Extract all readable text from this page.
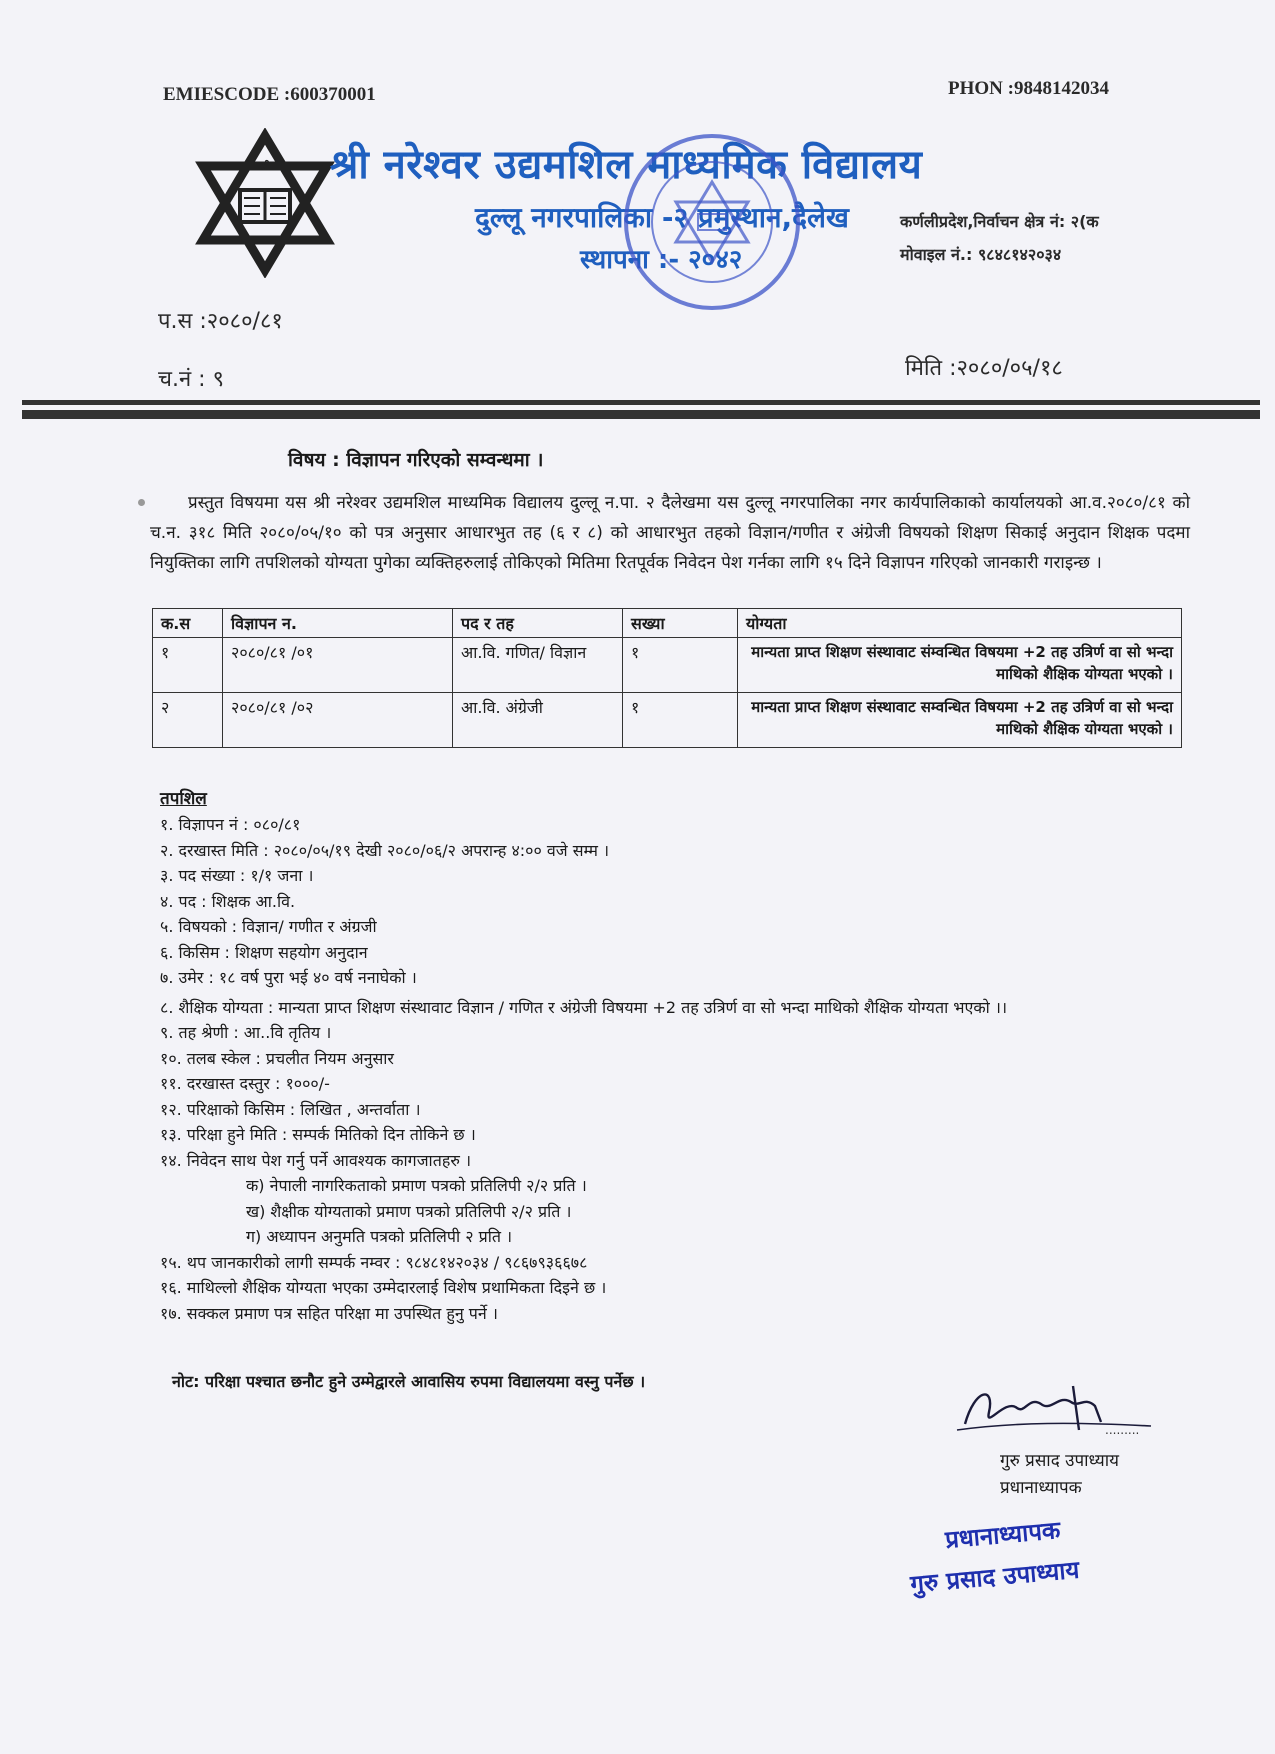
EMIESCODE :600370001	PHON :9848142034
श्री श्री नरेश्वर उद्यमशिल माध्यमिक विद्यालय
दुल्लू नगरपालिका -२ प्रमुस्थान,दैलेख
स्थापना :- २०४२
कर्णलीप्रदेश,निर्वाचन क्षेत्र नं: २(क
मोवाइल नं.: ९८४८१४२०३४
प.स :२०८०/८१
च.नं : ९	मिति :२०८०/०५/१८
विषय : विज्ञापन गरिएको सम्वन्धमा ।
प्रस्तुत विषयमा यस श्री नरेश्वर उद्यमशिल माध्यमिक विद्यालय दुल्लू न.पा. २ दैलेखमा यस दुल्लू नगरपालिका नगर कार्यपालिकाको कार्यालयको आ.व.२०८०/८१ को च.न. ३१८ मिति २०८०/०५/१० को पत्र अनुसार आधारभुत तह (६ र ८) को आधारभुत तहको विज्ञान/गणीत र अंग्रेजी विषयको शिक्षण सिकाई अनुदान शिक्षक पदमा नियुक्तिका लागि तपशिलको योग्यता पुगेका व्यक्तिहरुलाई तोकिएको मितिमा रितपूर्वक निवेदन पेश गर्नका लागि १५ दिने विज्ञापन गरिएको जानकारी गराइन्छ ।
क.स	विज्ञापन न.	पद र तह	सख्या	योग्यता
१	२०८०/८१ /०१	आ.वि. गणित/ विज्ञान	१	मान्यता प्राप्त शिक्षण संस्थावाट संम्वन्धित विषयमा +2 तह उत्रिर्ण वा सो भन्दा माथिको शैक्षिक योग्यता भएको ।
२	२०८०/८१ /०२	आ.वि. अंग्रेजी	१	मान्यता प्राप्त शिक्षण संस्थावाट सम्वन्धित विषयमा +2 तह उत्रिर्ण वा सो भन्दा माथिको शैक्षिक योग्यता भएको ।
तपशिल
१. विज्ञापन नं : ०८०/८१
२. दरखास्त मिति : २०८०/०५/१९ देखी २०८०/०६/२ अपरान्ह ४:०० वजे सम्म ।
३. पद संख्या : १/१ जना ।
४. पद : शिक्षक आ.वि.
५. विषयको : विज्ञान/ गणीत र अंग्रजी
६. किसिम : शिक्षण सहयोग अनुदान
७. उमेर : १८ वर्ष पुरा भई ४० वर्ष ननाघेको ।
८. शैक्षिक योग्यता : मान्यता प्राप्त शिक्षण संस्थावाट विज्ञान / गणित र अंग्रेजी विषयमा +2 तह उत्रिर्ण वा सो भन्दा माथिको शैक्षिक योग्यता भएको ।।
९. तह श्रेणी : आ..वि तृतिय ।
१०. तलब स्केल : प्रचलीत नियम अनुसार
११. दरखास्त दस्तुर : १०००/-
१२. परिक्षाको किसिम : लिखित , अन्तर्वाता ।
१३. परिक्षा हुने मिति : सम्पर्क मितिको दिन तोकिने छ ।
१४. निवेदन साथ पेश गर्नु पर्ने आवश्यक कागजातहरु ।
क) नेपाली नागरिकताको प्रमाण पत्रको प्रतिलिपी २/२ प्रति ।
ख) शैक्षीक योग्यताको प्रमाण पत्रको प्रतिलिपी २/२ प्रति ।
ग) अध्यापन अनुमति पत्रको प्रतिलिपी २ प्रति ।
१५. थप जानकारीको लागी सम्पर्क नम्वर : ९८४८१४२०३४ / ९८६७९३६६७८
१६. माथिल्लो शैक्षिक योग्यता भएका उम्मेदारलाई विशेष प्रथामिकता दिइने छ ।
१७. सक्कल प्रमाण पत्र सहित परिक्षा मा उपस्थित हुनु पर्ने ।
नोट: परिक्षा पश्चात छनौट हुने उम्मेद्वारले आवासिय रुपमा विद्यालयमा वस्नु पर्नेछ ।
.........
गुरु प्रसाद उपाध्याय
प्रधानाध्यापक
प्रधानाध्यापक
गुरु प्रसाद उपाध्याय
